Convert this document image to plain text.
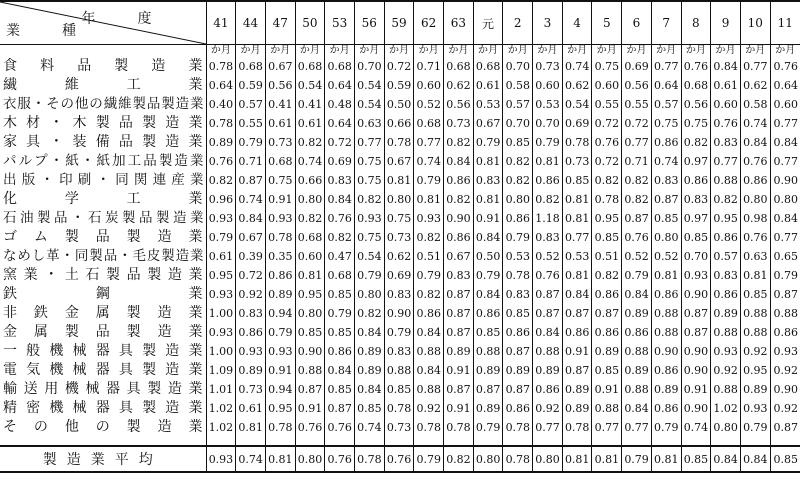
年　度
業　種	41	44	47	50	53	56	59	62	63	元	2	3	4	5	6	7	8	9	10	11
	か月	か月	か月	か月	か月	か月	か月	か月	か月	か月	か月	か月	か月	か月	か月	か月	か月	か月	か月	か月
食料品製造業	0.78	0.68	0.67	0.68	0.68	0.70	0.72	0.71	0.68	0.68	0.70	0.73	0.74	0.75	0.69	0.77	0.76	0.84	0.77	0.76
繊維工業	0.64	0.59	0.56	0.54	0.64	0.54	0.59	0.60	0.62	0.61	0.58	0.60	0.62	0.60	0.56	0.64	0.68	0.61	0.62	0.64
衣服・その他の繊維製品製造業	0.40	0.57	0.41	0.41	0.48	0.54	0.50	0.52	0.56	0.53	0.57	0.53	0.54	0.55	0.55	0.57	0.56	0.60	0.58	0.60
木材・木製品製造業	0.78	0.55	0.61	0.61	0.64	0.63	0.66	0.68	0.73	0.67	0.70	0.70	0.69	0.72	0.72	0.75	0.75	0.76	0.74	0.77
家具・装備品製造業	0.89	0.79	0.73	0.82	0.72	0.77	0.78	0.77	0.82	0.79	0.85	0.79	0.78	0.76	0.77	0.86	0.82	0.83	0.84	0.84
パルプ・紙・紙加工品製造業	0.76	0.71	0.68	0.74	0.69	0.75	0.67	0.74	0.84	0.81	0.82	0.81	0.73	0.72	0.71	0.74	0.97	0.77	0.76	0.77
出版・印刷・同関連産業	0.82	0.87	0.75	0.66	0.83	0.75	0.81	0.79	0.86	0.83	0.82	0.86	0.85	0.82	0.82	0.83	0.86	0.88	0.86	0.90
化学工業	0.96	0.74	0.91	0.80	0.84	0.82	0.80	0.81	0.82	0.81	0.80	0.82	0.81	0.78	0.82	0.87	0.83	0.82	0.80	0.80
石油製品・石炭製品製造業	0.93	0.84	0.93	0.82	0.76	0.93	0.75	0.93	0.90	0.91	0.86	1.18	0.81	0.95	0.87	0.85	0.97	0.95	0.98	0.84
ゴム製品製造業	0.79	0.67	0.78	0.68	0.82	0.75	0.73	0.82	0.86	0.84	0.79	0.83	0.77	0.85	0.76	0.80	0.85	0.86	0.76	0.77
なめし革・同製品・毛皮製造業	0.61	0.39	0.35	0.60	0.47	0.54	0.62	0.51	0.67	0.50	0.53	0.52	0.53	0.51	0.52	0.52	0.70	0.57	0.63	0.65
窯業・土石製品製造業	0.95	0.72	0.86	0.81	0.68	0.79	0.69	0.79	0.83	0.79	0.78	0.76	0.81	0.82	0.79	0.81	0.93	0.83	0.81	0.79
鉄鋼業	0.93	0.92	0.89	0.95	0.85	0.80	0.83	0.82	0.87	0.84	0.83	0.87	0.84	0.86	0.84	0.86	0.90	0.86	0.85	0.87
非鉄金属製造業	1.00	0.83	0.94	0.80	0.79	0.82	0.90	0.86	0.87	0.86	0.85	0.87	0.87	0.87	0.89	0.88	0.87	0.89	0.88	0.88
金属製品製造業	0.93	0.86	0.79	0.85	0.85	0.84	0.79	0.84	0.87	0.85	0.86	0.84	0.86	0.86	0.86	0.88	0.87	0.88	0.88	0.86
一般機械器具製造業	1.00	0.93	0.93	0.90	0.86	0.89	0.83	0.88	0.89	0.88	0.87	0.88	0.91	0.89	0.88	0.90	0.90	0.93	0.92	0.93
電気機械器具製造業	1.09	0.89	0.91	0.88	0.84	0.89	0.88	0.84	0.91	0.89	0.89	0.89	0.87	0.85	0.89	0.86	0.90	0.92	0.95	0.92
輸送用機械器具製造業	1.01	0.73	0.94	0.87	0.85	0.84	0.85	0.88	0.87	0.87	0.87	0.86	0.89	0.91	0.88	0.89	0.91	0.88	0.89	0.90
精密機械器具製造業	1.02	0.61	0.95	0.91	0.87	0.85	0.78	0.92	0.91	0.89	0.86	0.92	0.89	0.88	0.84	0.86	0.90	1.02	0.93	0.92
その他の製造業	1.02	0.81	0.78	0.76	0.76	0.74	0.73	0.78	0.78	0.79	0.78	0.77	0.78	0.77	0.77	0.79	0.74	0.80	0.79	0.87

製造業平均	0.93	0.74	0.81	0.80	0.76	0.78	0.76	0.79	0.82	0.80	0.78	0.80	0.81	0.81	0.79	0.81	0.85	0.84	0.84	0.85
